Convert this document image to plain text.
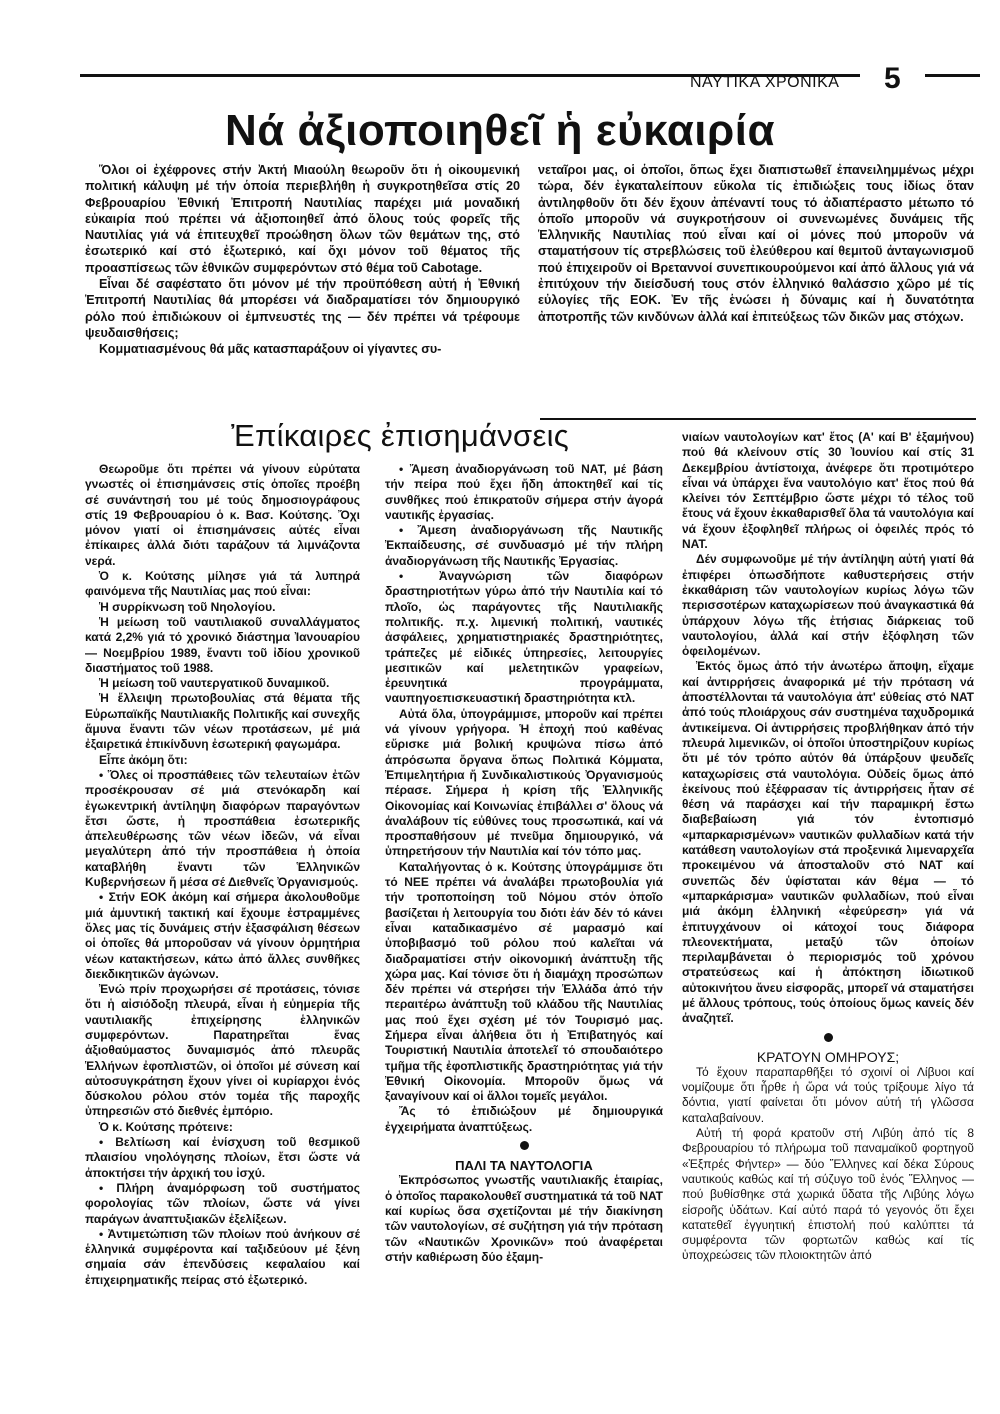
ΝΑΥΤΙΚΑ ΧΡΟΝΙΚΑ 5
Νά ἀξιοποιηθεῖ ἡ εὐκαιρία

Ὅλοι οἱ ἐχέφρονες στήν Ἀκτή Μιαούλη θεωροῦν ὅτι ἡ οἰκουμενική πολιτική κάλυψη μέ τήν ὁποία περιεβλήθη ἡ συγκροτηθεῖσα στίς 20 Φεβρουαρίου Ἐθνική Ἐπιτροπή Ναυτιλίας παρέχει μιά μοναδική εὐκαιρία πού πρέπει νά ἀξιοποιηθεῖ ἀπό ὅλους τούς φορεῖς τῆς Ναυτιλίας γιά νά ἐπιτευχθεῖ προώθηση ὅλων τῶν θεμάτων της, στό ἐσωτερικό καί στό ἐξωτερικό, καί ὄχι μόνον τοῦ θέματος τῆς προασπίσεως τῶν ἐθνικῶν συμφερόντων στό θέμα τοῦ Cabotage.

Εἶναι δέ σαφέστατο ὅτι μόνον μέ τήν προϋπόθεση αὐτή ἡ Ἐθνική Ἐπιτροπή Ναυτιλίας θά μπορέσει νά διαδραματίσει τόν δημιουργικό ρόλο πού ἐπιδιώκουν οἱ ἐμπνευστές της — δέν πρέπει νά τρέφουμε ψευδαισθήσεις;

Κομματιασμένους θά μᾶς κατασπαράξουν οἱ γίγαντες συ-

νεταῖροι μας, οἱ ὁποῖοι, ὅπως ἔχει διαπιστωθεῖ ἐπανειλημμένως μέχρι τώρα, δέν ἐγκαταλείπουν εὔκολα τίς ἐπιδιώξεις τους ἰδίως ὅταν ἀντιληφθοῦν ὅτι δέν ἔχουν ἀπέναντί τους τό ἀδιαπέραστο μέτωπο τό ὁποῖο μποροῦν νά συγκροτήσουν οἱ συνενωμένες δυνάμεις τῆς Ἑλληνικῆς Ναυτιλίας πού εἶναι καί οἱ μόνες πού μποροῦν νά σταματήσουν τίς στρεβλώσεις τοῦ ἐλεύθερου καί θεμιτοῦ ἀνταγωνισμοῦ πού ἐπιχειροῦν οἱ Βρεταννοί συνεπικουρούμενοι καί ἀπό ἄλλους γιά νά ἐπιτύχουν τήν διείσδυσή τους στόν ἑλληνικό θαλάσσιο χῶρο μέ τίς εὐλογίες τῆς ΕΟΚ. Ἐν τῆς ἑνώσει ἡ δύναμις καί ἡ δυνατότητα ἀποτροπῆς τῶν κινδύνων ἀλλά καί ἐπιτεύξεως τῶν δικῶν μας στόχων.

Ἐπίκαιρες ἐπισημάνσεις

Θεωροῦμε ὅτι πρέπει νά γίνουν εὐρύτατα γνωστές οἱ ἐπισημάνσεις στίς ὁποῖες προέβη σέ συνάντησή του μέ τούς δημοσιογράφους στίς 19 Φεβρουαρίου ὁ κ. Βασ. Κούτσης. Ὄχι μόνον γιατί οἱ ἐπισημάνσεις αὐτές εἶναι ἐπίκαιρες ἀλλά διότι ταράζουν τά λιμνάζοντα νερά.

Ὁ κ. Κούτσης μίλησε γιά τά λυπηρά φαινόμενα τῆς Ναυτιλίας μας πού εἶναι:

Ἡ συρρίκνωση τοῦ Νηολογίου.

Ἡ μείωση τοῦ ναυτιλιακοῦ συναλλάγματος κατά 2,2% γιά τό χρονικό διάστημα Ἰανουαρίου — Νοεμβρίου 1989, ἔναντι τοῦ ἰδίου χρονικοῦ διαστήματος τοῦ 1988.

Ἡ μείωση τοῦ ναυτεργατικοῦ δυναμικοῦ.

Ἡ ἔλλειψη πρωτοβουλίας στά θέματα τῆς Εὐρωπαϊκῆς Ναυτιλιακῆς Πολιτικῆς καί συνεχῆς ἄμυνα ἔναντι τῶν νέων προτάσεων, μέ μιά ἐξαιρετικά ἐπικίνδυνη ἐσωτερική φαγωμάρα.

Εἶπε ἀκόμη ὅτι:

• Ὅλες οἱ προσπάθειες τῶν τελευταίων ἐτῶν προσέκρουσαν σέ μιά στενόκαρδη καί ἐγωκεντρική ἀντίληψη διαφόρων παραγόντων ἔτσι ὥστε, ἡ προσπάθεια ἐσωτερικῆς ἀπελευθέρωσης τῶν νέων ἰδεῶν, νά εἶναι μεγαλύτερη ἀπό τήν προσπάθεια ἡ ὁποία καταβλήθη ἔναντι τῶν Ἑλληνικῶν Κυβερνήσεων ἤ μέσα σέ Διεθνεῖς Ὀργανισμούς.

• Στήν ΕΟΚ ἀκόμη καί σήμερα ἀκολουθοῦμε μιά ἀμυντική τακτική καί ἔχουμε ἐστραμμένες ὅλες μας τίς δυνάμεις στήν ἐξασφάλιση θέσεων οἱ ὁποῖες θά μποροῦσαν νά γίνουν ὁρμητήρια νέων κατακτήσεων, κάτω ἀπό ἄλλες συνθῆκες διεκδικητικῶν ἀγώνων.

Ἐνώ πρίν προχωρήσει σέ προτάσεις, τόνισε ὅτι ἡ αἰσιόδοξη πλευρά, εἶναι ἡ εὐημερία τῆς ναυτιλιακῆς ἐπιχείρησης ἑλληνικῶν συμφερόντων. Παρατηρεῖται ἕνας ἀξιοθαύμαστος δυναμισμός ἀπό πλευρᾶς Ἑλλήνων ἐφοπλιστῶν, οἱ ὁποῖοι μέ σύνεση καί αὐτοσυγκράτηση ἔχουν γίνει οἱ κυρίαρχοι ἑνός δύσκολου ρόλου στόν τομέα τῆς παροχῆς ὑπηρεσιῶν στό διεθνές ἐμπόριο.

Ὁ κ. Κούτσης πρότεινε:

• Βελτίωση καί ἐνίσχυση τοῦ θεσμικοῦ πλαισίου νηολόγησης πλοίων, ἔτσι ὥστε νά ἀποκτήσει τήν ἀρχική του ἰσχύ.

• Πλήρη ἀναμόρφωση τοῦ συστήματος φορολογίας τῶν πλοίων, ὥστε νά γίνει παράγων ἀναπτυξιακῶν ἐξελίξεων.

• Ἀντιμετώπιση τῶν πλοίων πού ἀνήκουν σέ ἑλληνικά συμφέροντα καί ταξιδεύουν μέ ξένη σημαία σάν ἐπενδύσεις κεφαλαίου καί ἐπιχειρηματικῆς πείρας στό ἐξωτερικό.

• Ἄμεση ἀναδιοργάνωση τοῦ ΝΑΤ, μέ βάση τήν πείρα πού ἔχει ἤδη ἀποκτηθεῖ καί τίς συνθῆκες πού ἐπικρατοῦν σήμερα στήν ἀγορά ναυτικῆς ἐργασίας.

• Ἄμεση ἀναδιοργάνωση τῆς Ναυτικῆς Ἐκπαίδευσης, σέ συνδυασμό μέ τήν πλήρη ἀναδιοργάνωση τῆς Ναυτικῆς Ἐργασίας.

• Ἀναγνώριση τῶν διαφόρων δραστηριοτήτων γύρω ἀπό τήν Ναυτιλία καί τό πλοῖο, ὡς παράγοντες τῆς Ναυτιλιακῆς πολιτικῆς. π.χ. λιμενική πολιτική, ναυτικές ἀσφάλειες, χρηματιστηριακές δραστηριότητες, τράπεζες μέ εἰδικές ὑπηρεσίες, λειτουργίες μεσιτικῶν καί μελετητικῶν γραφείων, ἐρευνητικά προγράμματα, ναυπηγοεπισκευαστική δραστηριότητα κτλ.

Αὐτά ὅλα, ὑπογράμμισε, μποροῦν καί πρέπει νά γίνουν γρήγορα. Ἡ ἐποχή πού καθένας εὕρισκε μιά βολική κρυψώνα πίσω ἀπό ἀπρόσωπα ὄργανα ὅπως Πολιτικά Κόμματα, Ἐπιμελητήρια ἤ Συνδικαλιστικούς Ὀργανισμούς πέρασε. Σήμερα ἡ κρίση τῆς Ἑλληνικῆς Οἰκονομίας καί Κοινωνίας ἐπιβάλλει σ' ὅλους νά ἀναλάβουν τίς εὐθύνες τους προσωπικά, καί νά προσπαθήσουν μέ πνεῦμα δημιουργικό, νά ὑπηρετήσουν τήν Ναυτιλία καί τόν τόπο μας.

Καταλήγοντας ὁ κ. Κούτσης ὑπογράμμισε ὅτι τό ΝΕΕ πρέπει νά ἀναλάβει πρωτοβουλία γιά τήν τροποποίηση τοῦ Νόμου στόν ὁποῖο βασίζεται ἡ λειτουργία του διότι ἐάν δέν τό κάνει εἶναι καταδικασμένο σέ μαρασμό καί ὑποβιβασμό τοῦ ρόλου πού καλεῖται νά διαδραματίσει στήν οἰκονομική ἀνάπτυξη τῆς χώρα μας. Καί τόνισε ὅτι ἡ διαμάχη προσώπων δέν πρέπει νά στερήσει τήν Ἑλλάδα ἀπό τήν περαιτέρω ἀνάπτυξη τοῦ κλάδου τῆς Ναυτιλίας μας πού ἔχει σχέση μέ τόν Τουρισμό μας. Σήμερα εἶναι ἀλήθεια ὅτι ἡ Ἐπιβατηγός καί Τουριστική Ναυτιλία ἀποτελεῖ τό σπουδαιότερο τμῆμα τῆς ἐφοπλιστικῆς δραστηριότητας γιά τήν Ἐθνική Οἰκονομία. Μποροῦν ὅμως νά ξαναγίνουν καί οἱ ἄλλοι τομεῖς μεγάλοι.

Ἄς τό ἐπιδιώξουν μέ δημιουργικά ἐγχειρήματα ἀναπτύξεως.

ΠΑΛΙ ΤΑ ΝΑΥΤΟΛΟΓΙΑ

Ἐκπρόσωπος γνωστῆς ναυτιλιακῆς ἑταιρίας, ὁ ὁποῖος παρακολουθεῖ συστηματικά τά τοῦ ΝΑΤ καί κυρίως ὅσα σχετίζονται μέ τήν διακίνηση τῶν ναυτολογίων, σέ συζήτηση γιά τήν πρόταση τῶν «Ναυτικῶν Χρονικῶν» πού ἀναφέρεται στήν καθιέρωση δύο ἐξαμη-

νιαίων ναυτολογίων κατ' ἔτος (Α' καί Β' ἑξαμήνου) πού θά κλείνουν στίς 30 Ἰουνίου καί στίς 31 Δεκεμβρίου ἀντίστοιχα, ἀνέφερε ὅτι προτιμότερο εἶναι νά ὑπάρχει ἕνα ναυτολόγιο κατ' ἔτος πού θά κλείνει τόν Σεπτέμβριο ὥστε μέχρι τό τέλος τοῦ ἔτους νά ἔχουν ἐκκαθαρισθεῖ ὅλα τά ναυτολόγια καί νά ἔχουν ἐξοφληθεῖ πλήρως οἱ ὀφειλές πρός τό ΝΑΤ.

Δέν συμφωνοῦμε μέ τήν ἀντίληψη αὐτή γιατί θά ἐπιφέρει ὁπωσδήποτε καθυστερήσεις στήν ἐκκαθάριση τῶν ναυτολογίων κυρίως λόγω τῶν περισσοτέρων καταχωρίσεων πού ἀναγκαστικά θά ὑπάρχουν λόγω τῆς ἐτήσιας διάρκειας τοῦ ναυτολογίου, ἀλλά καί στήν ἐξόφληση τῶν ὀφειλομένων.

Ἐκτός ὅμως ἀπό τήν ἀνωτέρω ἄποψη, εἴχαμε καί ἀντιρρήσεις ἀναφορικά μέ τήν πρόταση νά ἀποστέλλονται τά ναυτολόγια ἀπ' εὐθείας στό ΝΑΤ ἀπό τούς πλοιάρχους σάν συστημένα ταχυδρομικά ἀντικείμενα. Οἱ ἀντιρρήσεις προβλήθηκαν ἀπό τήν πλευρά λιμενικῶν, οἱ ὁποῖοι ὑποστηρίζουν κυρίως ὅτι μέ τόν τρόπο αὐτόν θά ὑπάρξουν ψευδεῖς καταχωρίσεις στά ναυτολόγια. Οὐδείς ὅμως ἀπό ἐκείνους πού ἐξέφρασαν τίς ἀντιρρήσεις ἦταν σέ θέση νά παράσχει καί τήν παραμικρή ἔστω διαβεβαίωση γιά τόν ἐντοπισμό «μπαρκαρισμένων» ναυτικῶν φυλλαδίων κατά τήν κατάθεση ναυτολογίων στά προξενικά λιμεναρχεῖα προκειμένου νά ἀποσταλοῦν στό ΝΑΤ καί συνεπῶς δέν ὑφίσταται κάν θέμα — τό «μπαρκάρισμα» ναυτικῶν φυλλαδίων, πού εἶναι μιά ἀκόμη ἑλληνική «ἐφεύρεση» γιά νά ἐπιτυγχάνουν οἱ κάτοχοί τους διάφορα πλεονεκτήματα, μεταξύ τῶν ὁποίων περιλαμβάνεται ὁ περιορισμός τοῦ χρόνου στρατεύσεως καί ἡ ἀπόκτηση ἰδιωτικοῦ αὐτοκινήτου ἄνευ εἰσφορᾶς, μπορεῖ νά σταματήσει μέ ἄλλους τρόπους, τούς ὁποίους ὅμως κανείς δέν ἀναζητεῖ.

ΚΡΑΤΟΥΝ ΟΜΗΡΟΥΣ;

Τό ἔχουν παραπαρθῆξει τό σχοινί οἱ Λίβυοι καί νομίζουμε ὅτι ἦρθε ἡ ὥρα νά τούς τρίξουμε λίγο τά δόντια, γιατί φαίνεται ὅτι μόνον αὐτή τή γλῶσσα καταλαβαίνουν.

Αὐτή τή φορά κρατοῦν στή Λιβύη ἀπό τίς 8 Φεβρουαρίου τό πλήρωμα τοῦ παναμαϊκοῦ φορτηγοῦ «Ἐξπρές Φήντερ» — δύο Ἕλληνες καί δέκα Σύρους ναυτικούς καθώς καί τή σύζυγο τοῦ ἑνός Ἕλληνος — πού βυθίσθηκε στά χωρικά ὕδατα τῆς Λιβύης λόγω εἰσροῆς ὑδάτων. Καί αὐτό παρά τό γεγονός ὅτι ἔχει κατατεθεῖ ἐγγυητική ἐπιστολή πού καλύπτει τά συμφέροντα τῶν φορτωτῶν καθώς καί τίς ὑποχρεώσεις τῶν πλοιοκτητῶν ἀπό
